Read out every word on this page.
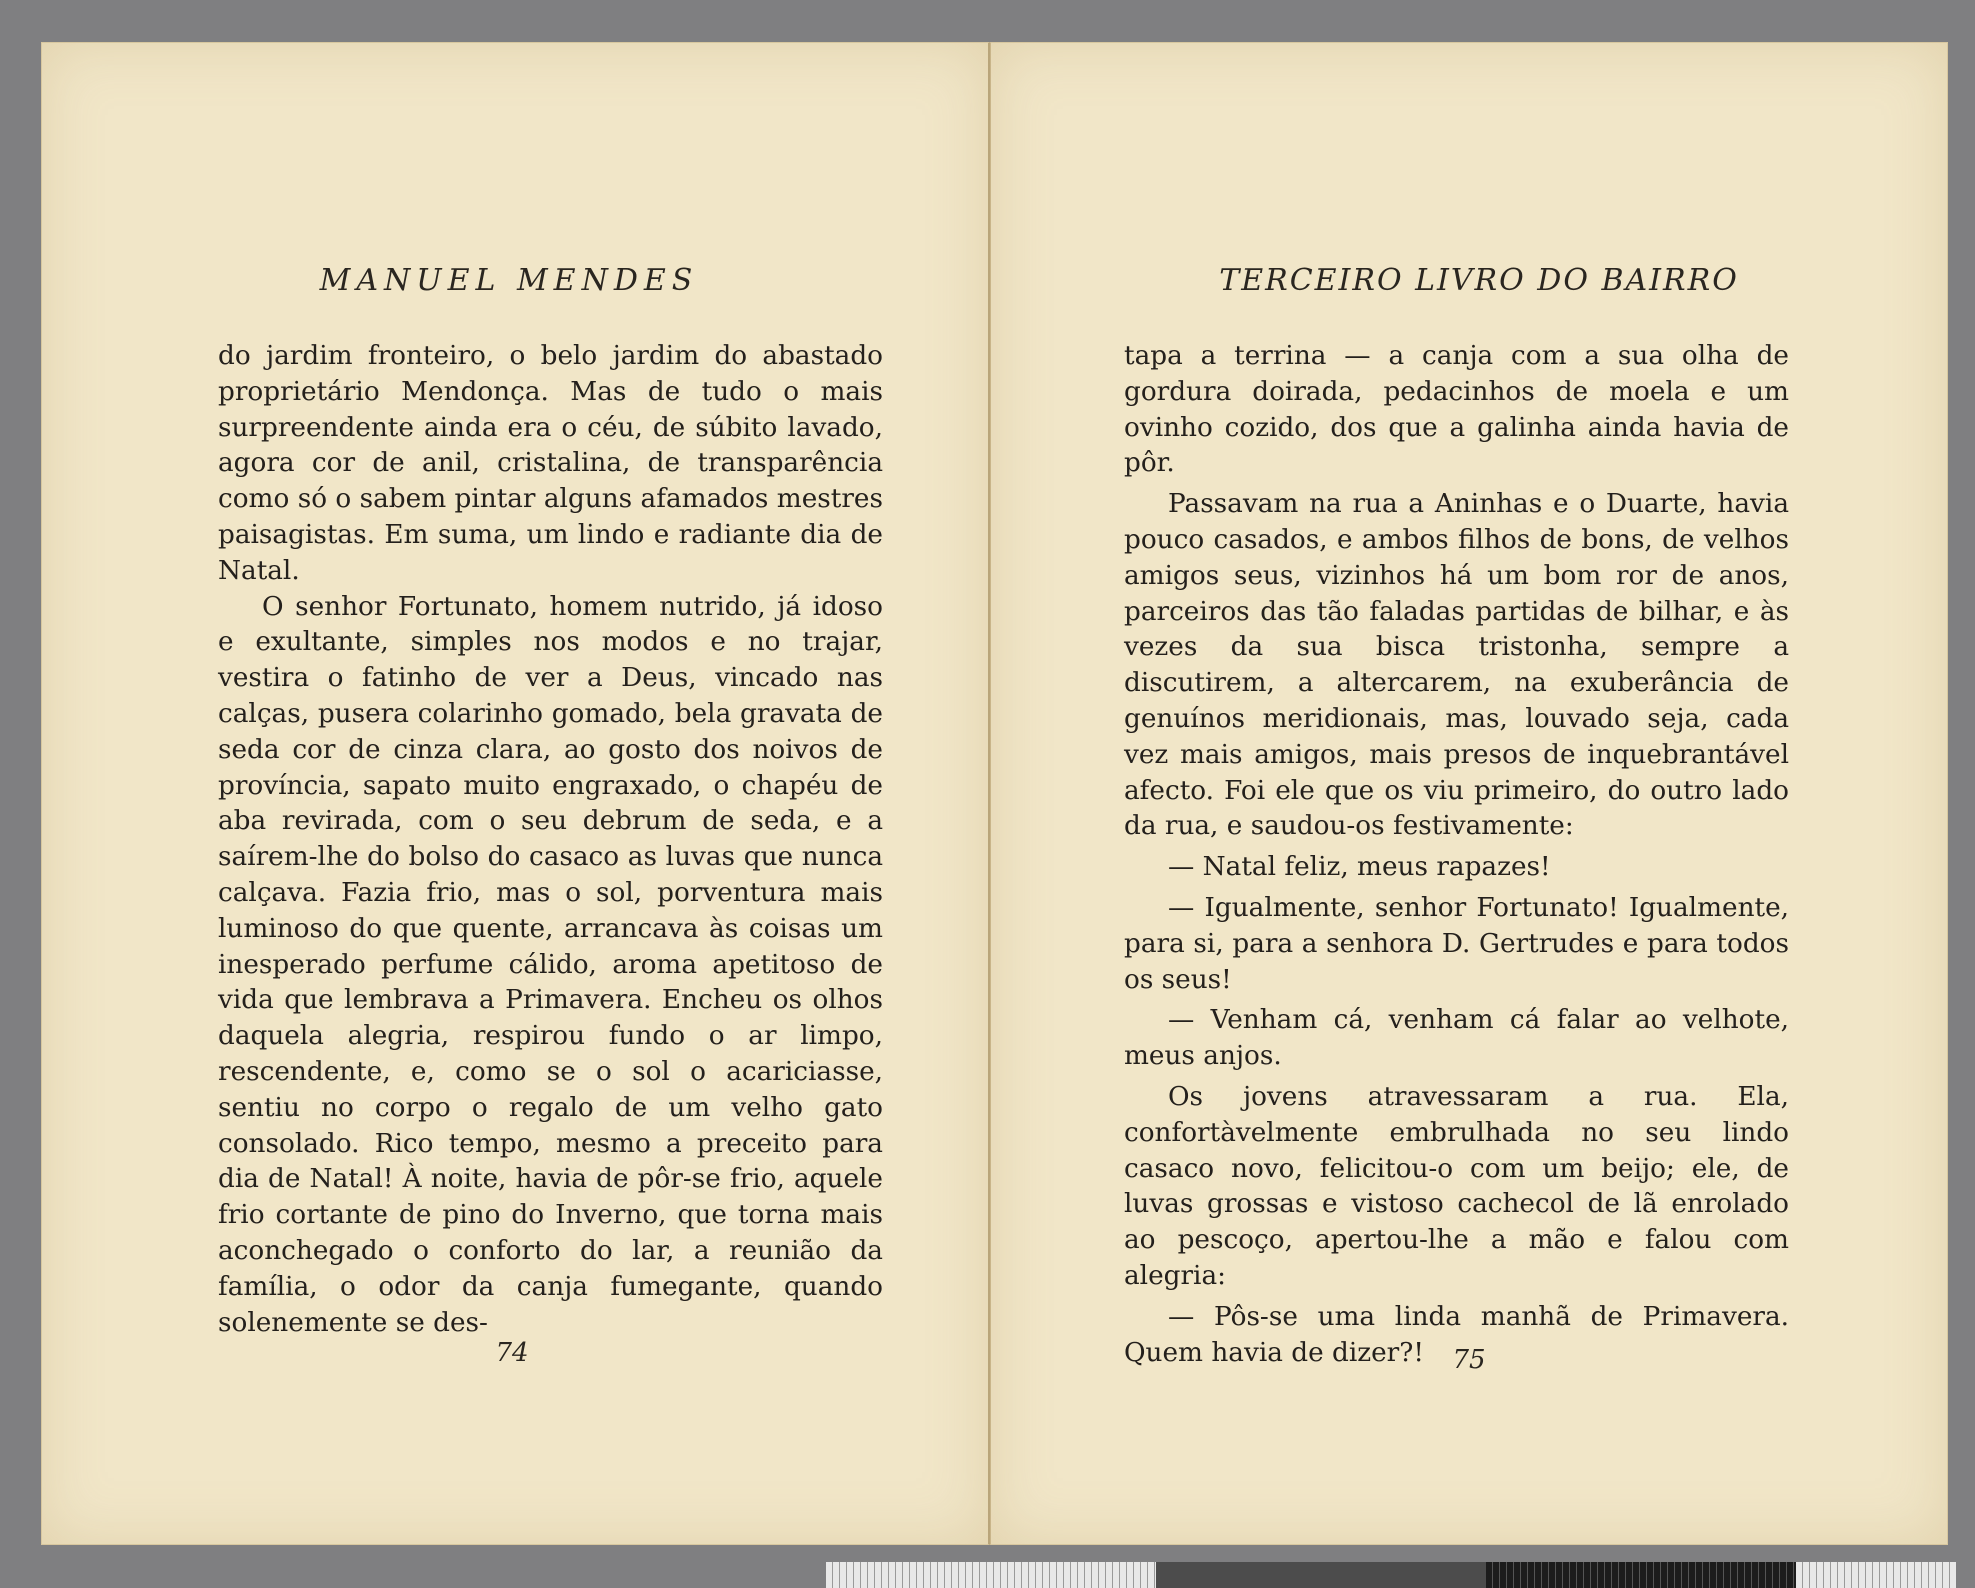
MANUEL MENDES

do jardim fronteiro, o belo jardim do abastado proprietário Mendonça. Mas de tudo o mais surpreendente ainda era o céu, de súbito lavado, agora cor de anil, cristalina, de transparência como só o sabem pintar alguns afamados mestres paisagistas. Em suma, um lindo e radiante dia de Natal.

O senhor Fortunato, homem nutrido, já idoso e exultante, simples nos modos e no trajar, vestira o fatinho de ver a Deus, vincado nas calças, pusera colarinho gomado, bela gravata de seda cor de cinza clara, ao gosto dos noivos de província, sapato muito engraxado, o chapéu de aba revirada, com o seu debrum de seda, e a saírem-lhe do bolso do casaco as luvas que nunca calçava. Fazia frio, mas o sol, porventura mais luminoso do que quente, arrancava às coisas um inesperado perfume cálido, aroma apetitoso de vida que lembrava a Primavera. Encheu os olhos daquela alegria, respirou fundo o ar limpo, rescendente, e, como se o sol o acariciasse, sentiu no corpo o regalo de um velho gato consolado. Rico tempo, mesmo a preceito para dia de Natal! À noite, havia de pôr-se frio, aquele frio cortante de pino do Inverno, que torna mais aconchegado o conforto do lar, a reunião da família, o odor da canja fumegante, quando solenemente se des-

74
TERCEIRO LIVRO DO BAIRRO

tapa a terrina — a canja com a sua olha de gordura doirada, pedacinhos de moela e um ovinho cozido, dos que a galinha ainda havia de pôr.

Passavam na rua a Aninhas e o Duarte, havia pouco casados, e ambos filhos de bons, de velhos amigos seus, vizinhos há um bom ror de anos, parceiros das tão faladas partidas de bilhar, e às vezes da sua bisca tristonha, sempre a discutirem, a altercarem, na exuberância de genuínos meridionais, mas, louvado seja, cada vez mais amigos, mais presos de inquebrantável afecto. Foi ele que os viu primeiro, do outro lado da rua, e saudou-os festivamente:

— Natal feliz, meus rapazes!

— Igualmente, senhor Fortunato! Igualmente, para si, para a senhora D. Gertrudes e para todos os seus!

— Venham cá, venham cá falar ao velhote, meus anjos.

Os jovens atravessaram a rua. Ela, confortàvelmente embrulhada no seu lindo casaco novo, felicitou-o com um beijo; ele, de luvas grossas e vistoso cachecol de lã enrolado ao pescoço, apertou-lhe a mão e falou com alegria:

— Pôs-se uma linda manhã de Primavera. Quem havia de dizer?!	75
